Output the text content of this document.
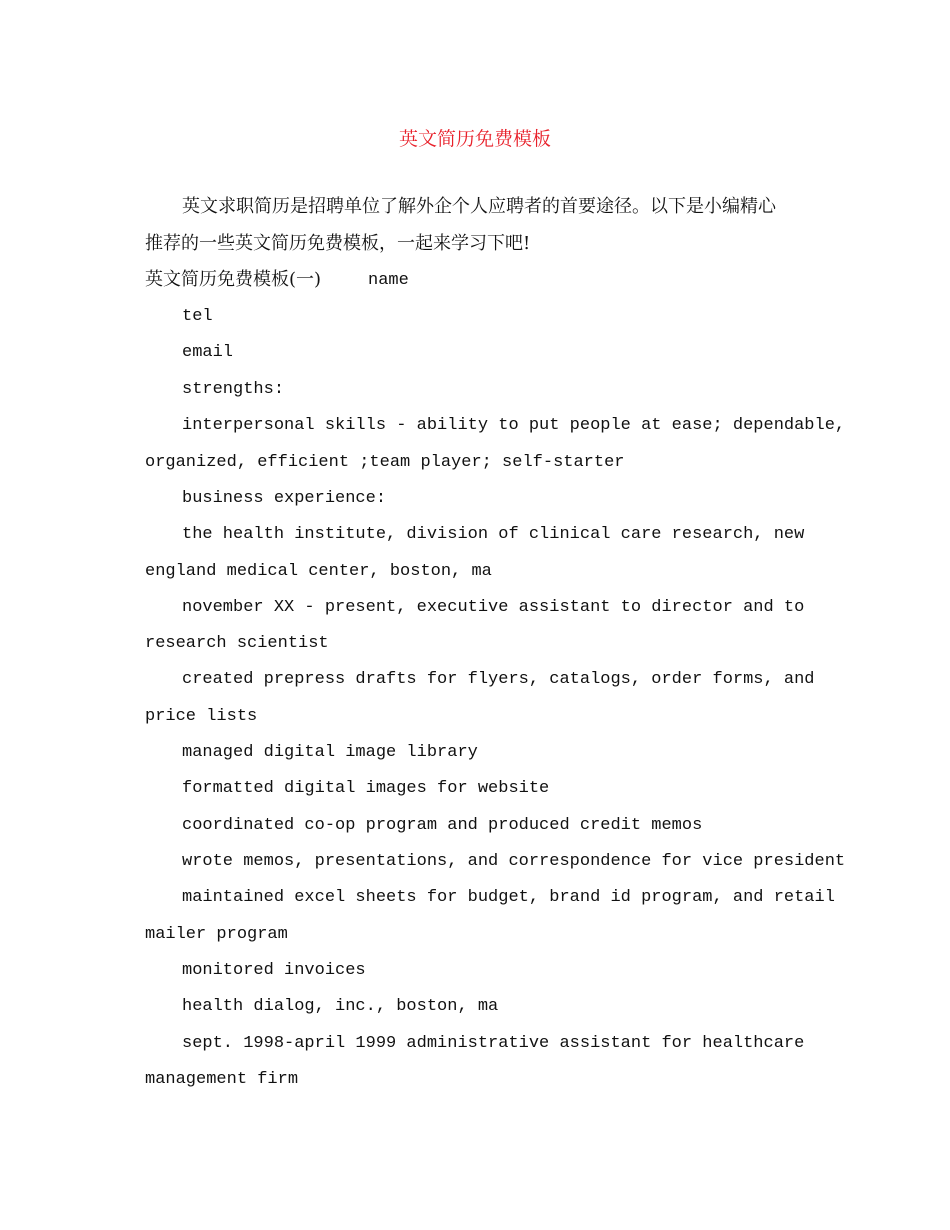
英文简历免费模板
英文求职简历是招聘单位了解外企个人应聘者的首要途径。以下是小编精心
推荐的一些英文简历免费模板，一起来学习下吧!
英文简历免费模板(一)	name
tel
email
strengths:
interpersonal skills - ability to put people at ease; dependable,
organized, efficient ;team player; self-starter
business experience:
the health institute, division of clinical care research, new
england medical center, boston, ma
november XX - present, executive assistant to director and to
research scientist
created prepress drafts for flyers, catalogs, order forms, and
price lists
managed digital image library
formatted digital images for website
coordinated co-op program and produced credit memos
wrote memos, presentations, and correspondence for vice president
maintained excel sheets for budget, brand id program, and retail
mailer program
monitored invoices
health dialog, inc., boston, ma
sept. 1998-april 1999 administrative assistant for healthcare
management firm
